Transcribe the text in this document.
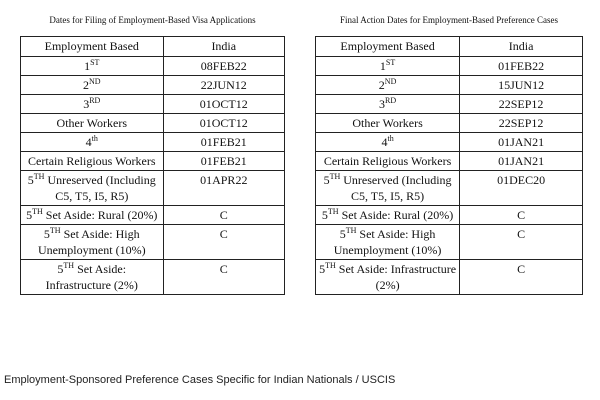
Dates for Filing of Employment-Based Visa Applications
Employment Based	India
1ST	08FEB22
2ND	22JUN12
3RD	01OCT12
Other Workers	01OCT12
4th	01FEB21
Certain Religious Workers	01FEB21
5TH Unreserved (Including C5, T5, I5, R5)	01APR22
5TH Set Aside: Rural (20%)	C
5TH Set Aside: High Unemployment (10%)	C
5TH Set Aside: Infrastructure (2%)	C
Final Action Dates for Employment-Based Preference Cases
Employment Based	India
1ST	01FEB22
2ND	15JUN12
3RD	22SEP12
Other Workers	22SEP12
4th	01JAN21
Certain Religious Workers	01JAN21
5TH Unreserved (Including C5, T5, I5, R5)	01DEC20
5TH Set Aside: Rural (20%)	C
5TH Set Aside: High Unemployment (10%)	C
5TH Set Aside: Infrastructure (2%)	C
Employment-Sponsored Preference Cases Specific for Indian Nationals / USCIS
